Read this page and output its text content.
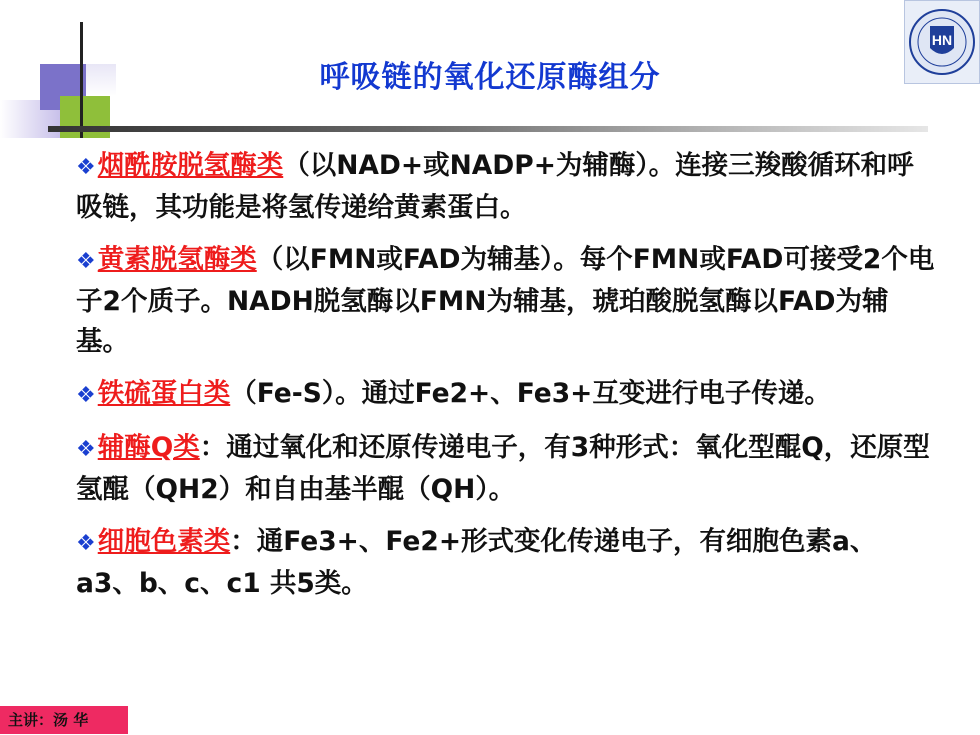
呼吸链的氧化还原酶组分
HN

❖烟酰胺脱氢酶类（以NAD+或NADP+为辅酶）。连接三羧酸循环和呼吸链，其功能是将氢传递给黄素蛋白。

❖黄素脱氢酶类（以FMN或FAD为辅基）。每个FMN或FAD可接受2个电子2个质子。NADH脱氢酶以FMN为辅基，琥珀酸脱氢酶以FAD为辅基。

❖铁硫蛋白类（Fe-S）。通过Fe2+、Fe3+互变进行电子传递。

❖辅酶Q类：通过氧化和还原传递电子，有3种形式：氧化型醌Q，还原型氢醌（QH2）和自由基半醌（QH）。

❖细胞色素类：通Fe3+、Fe2+形式变化传递电子，有细胞色素a、a3、b、c、c1 共5类。

主讲：汤 华
